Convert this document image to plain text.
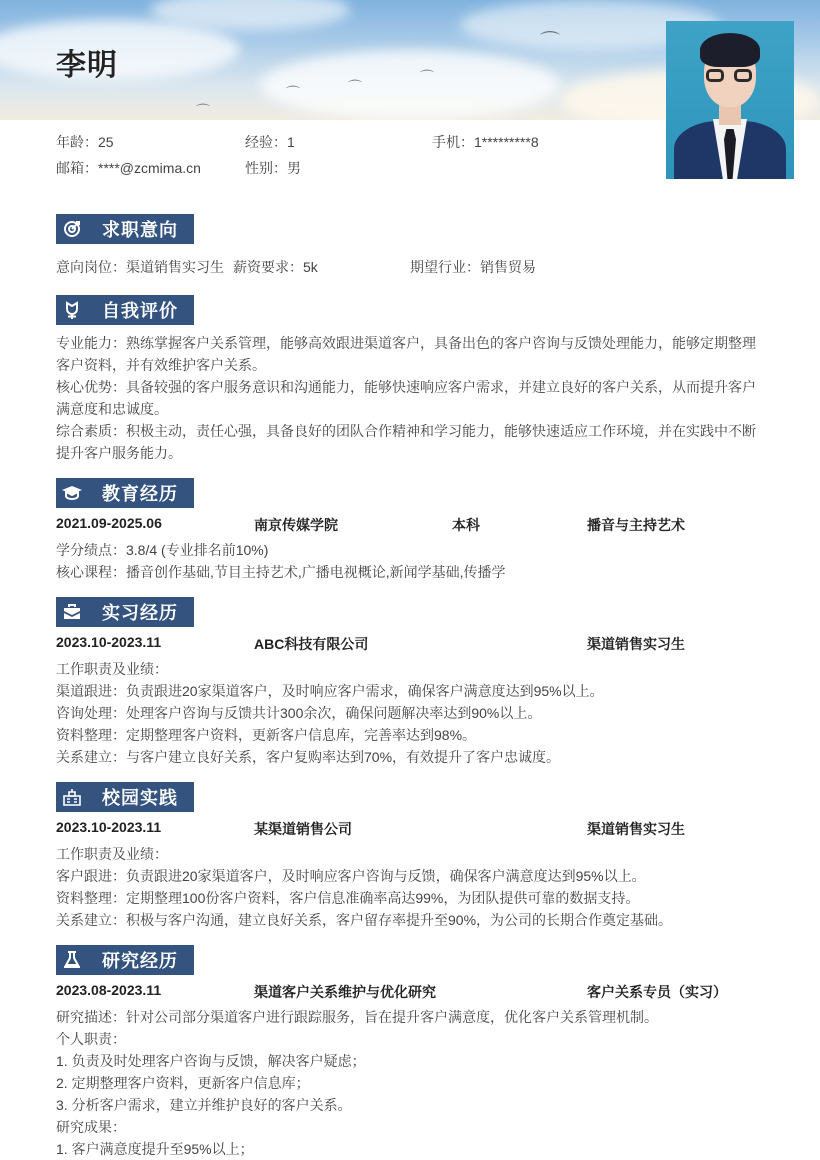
⌒
⌒	⌒
⌒
⌒
李明
年龄：25	经验：1	手机：1*********8
邮箱：****@zcmima.cn	性别：男
求职意向
意向岗位：渠道销售实习生 薪资要求：5k	期望行业：销售贸易
自我评价
专业能力：熟练掌握客户关系管理，能够高效跟进渠道客户，具备出色的客户咨询与反馈处理能力，能够定期整理客户资料，并有效维护客户关系。
核心优势：具备较强的客户服务意识和沟通能力，能够快速响应客户需求，并建立良好的客户关系，从而提升客户满意度和忠诚度。
综合素质：积极主动，责任心强，具备良好的团队合作精神和学习能力，能够快速适应工作环境，并在实践中不断提升客户服务能力。
教育经历
2021.09-2025.06	南京传媒学院	本科	播音与主持艺术
学分绩点：3.8/4 (专业排名前10%)
核心课程：播音创作基础,节目主持艺术,广播电视概论,新闻学基础,传播学
实习经历
2023.10-2023.11	ABC科技有限公司	渠道销售实习生
工作职责及业绩：
渠道跟进：负责跟进20家渠道客户，及时响应客户需求，确保客户满意度达到95%以上。
咨询处理：处理客户咨询与反馈共计300余次，确保问题解决率达到90%以上。
资料整理：定期整理客户资料，更新客户信息库，完善率达到98%。
关系建立：与客户建立良好关系，客户复购率达到70%，有效提升了客户忠诚度。
校园实践
2023.10-2023.11	某渠道销售公司	渠道销售实习生
工作职责及业绩：
客户跟进：负责跟进20家渠道客户，及时响应客户咨询与反馈，确保客户满意度达到95%以上。
资料整理：定期整理100份客户资料，客户信息准确率高达99%，为团队提供可靠的数据支持。
关系建立：积极与客户沟通，建立良好关系，客户留存率提升至90%，为公司的长期合作奠定基础。
研究经历
2023.08-2023.11	渠道客户关系维护与优化研究	客户关系专员（实习）
研究描述：针对公司部分渠道客户进行跟踪服务，旨在提升客户满意度，优化客户关系管理机制。
个人职责：
1. 负责及时处理客户咨询与反馈，解决客户疑虑；
2. 定期整理客户资料，更新客户信息库；
3. 分析客户需求，建立并维护良好的客户关系。
研究成果：
1. 客户满意度提升至95%以上；
